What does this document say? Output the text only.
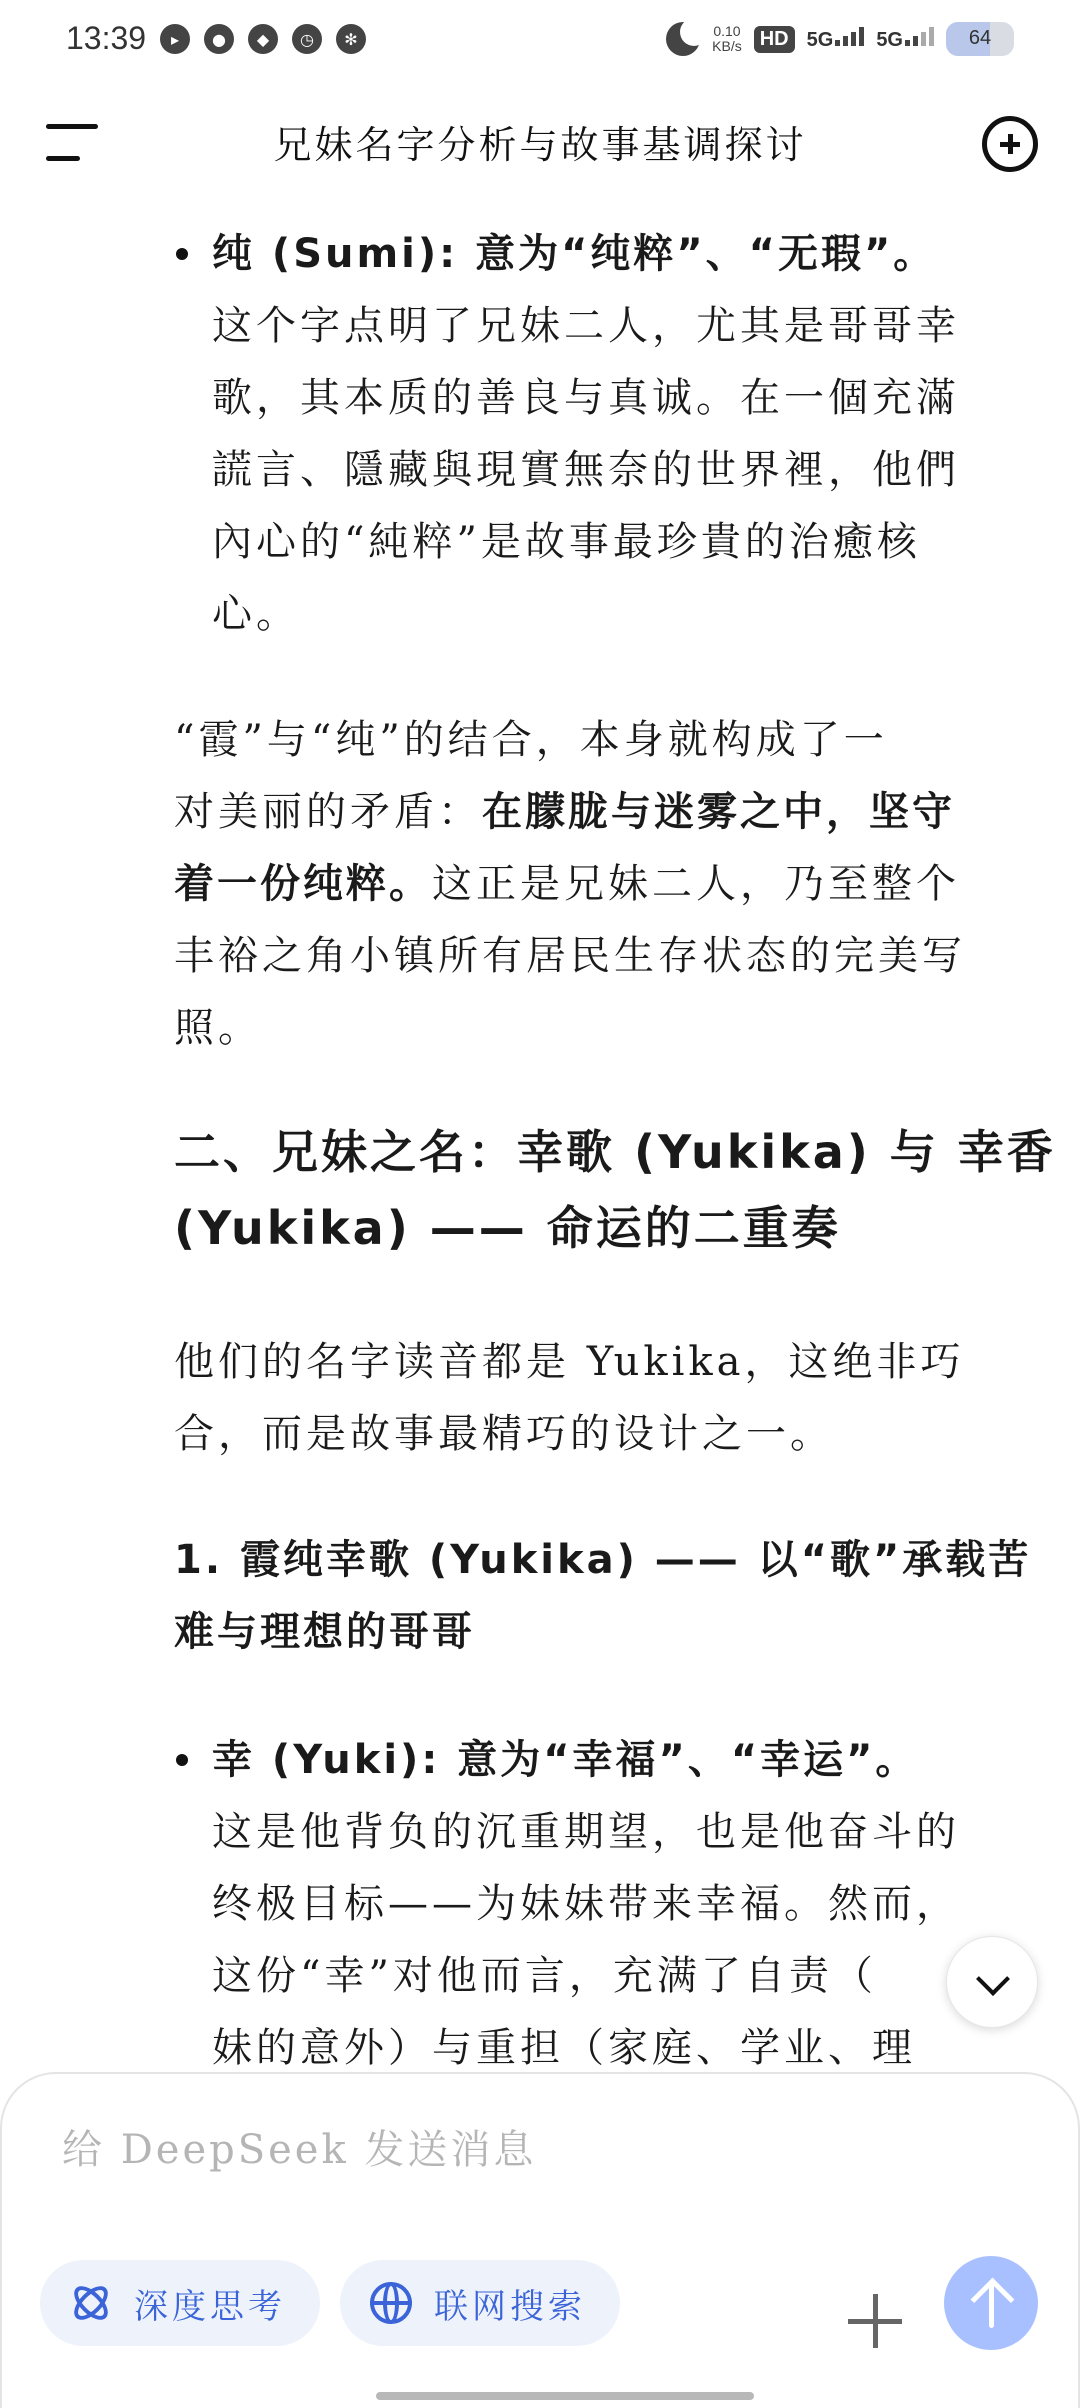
13:39	▸	●	◆	◷	✻	0.10
KB/s HD 5G	5G	64
兄妹名字分析与故事基调探讨
纯 (Sumi): 意为“纯粹”、“无瑕”。
这个字点明了兄妹二人，尤其是哥哥幸
歌，其本质的善良与真诚。在一個充滿
謊言、隱藏與現實無奈的世界裡，他們
內心的“純粹”是故事最珍貴的治癒核
心。
“霞”与“纯”的结合，本身就构成了一
对美丽的矛盾：在朦胧与迷雾之中，坚守
着一份纯粹。这正是兄妹二人，乃至整个
丰裕之角小镇所有居民生存状态的完美写
照。
二、兄妹之名：幸歌 (Yukika) 与 幸香
(Yukika) —— 命运的二重奏
他们的名字读音都是 Yukika，这绝非巧
合，而是故事最精巧的设计之一。
1. 霞纯幸歌 (Yukika) —— 以“歌”承载苦
难与理想的哥哥
幸 (Yuki): 意为“幸福”、“幸运”。
这是他背负的沉重期望，也是他奋斗的
终极目标——为妹妹带来幸福。然而，
这份“幸”对他而言，充满了自责（
妹的意外）与重担（家庭、学业、理
给 DeepSeek 发送消息
深度思考	联网搜索
